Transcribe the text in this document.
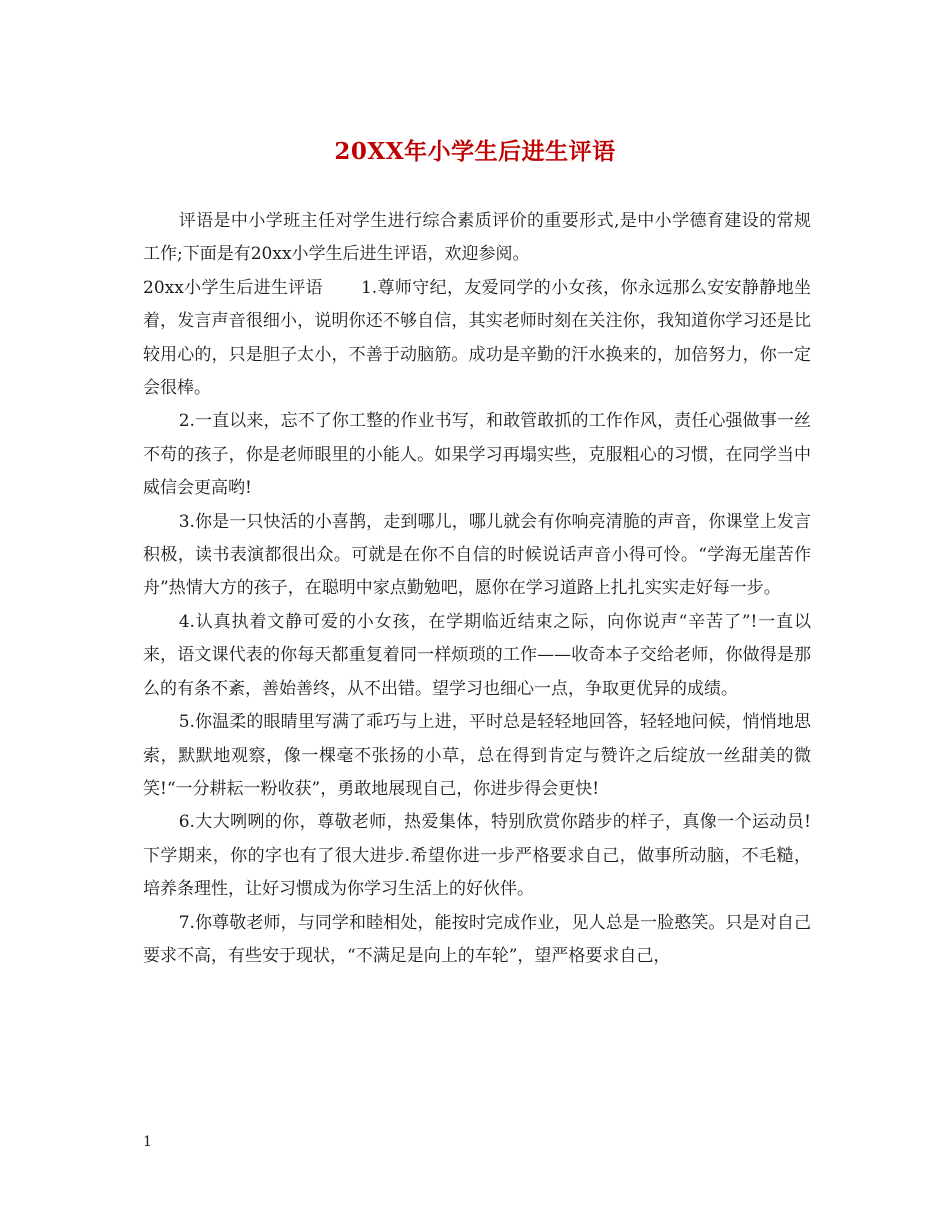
20XX年小学生后进生评语

评语是中小学班主任对学生进行综合素质评价的重要形式,是中小学德育建设的常规工作;下面是有20xx小学生后进生评语，欢迎参阅。

20xx小学生后进生评语 1.尊师守纪，友爱同学的小女孩，你永远那么安安静静地坐着，发言声音很细小，说明你还不够自信，其实老师时刻在关注你，我知道你学习还是比较用心的，只是胆子太小，不善于动脑筋。成功是辛勤的汗水换来的，加倍努力，你一定会很棒。

2.一直以来，忘不了你工整的作业书写，和敢管敢抓的工作作风，责任心强做事一丝不苟的孩子，你是老师眼里的小能人。如果学习再塌实些，克服粗心的习惯，在同学当中威信会更高哟!

3.你是一只快活的小喜鹊，走到哪儿，哪儿就会有你响亮清脆的声音，你课堂上发言积极，读书表演都很出众。可就是在你不自信的时候说话声音小得可怜。“学海无崖苦作舟”热情大方的孩子，在聪明中家点勤勉吧，愿你在学习道路上扎扎实实走好每一步。

4.认真执着文静可爱的小女孩，在学期临近结束之际，向你说声“辛苦了”!一直以来，语文课代表的你每天都重复着同一样烦琐的工作——收奇本子交给老师，你做得是那么的有条不紊，善始善终，从不出错。望学习也细心一点，争取更优异的成绩。

5.你温柔的眼睛里写满了乖巧与上进，平时总是轻轻地回答，轻轻地问候，悄悄地思索，默默地观察，像一棵毫不张扬的小草，总在得到肯定与赞许之后绽放一丝甜美的微笑!“一分耕耘一粉收获”，勇敢地展现自己，你进步得会更快!

6.大大咧咧的你，尊敬老师，热爱集体，特别欣赏你踏步的样子，真像一个运动员!下学期来，你的字也有了很大进步.希望你进一步严格要求自己，做事所动脑，不毛糙，培养条理性，让好习惯成为你学习生活上的好伙伴。

7.你尊敬老师，与同学和睦相处，能按时完成作业，见人总是一脸憨笑。只是对自己要求不高，有些安于现状，“不满足是向上的车轮”，望严格要求自己，

1
